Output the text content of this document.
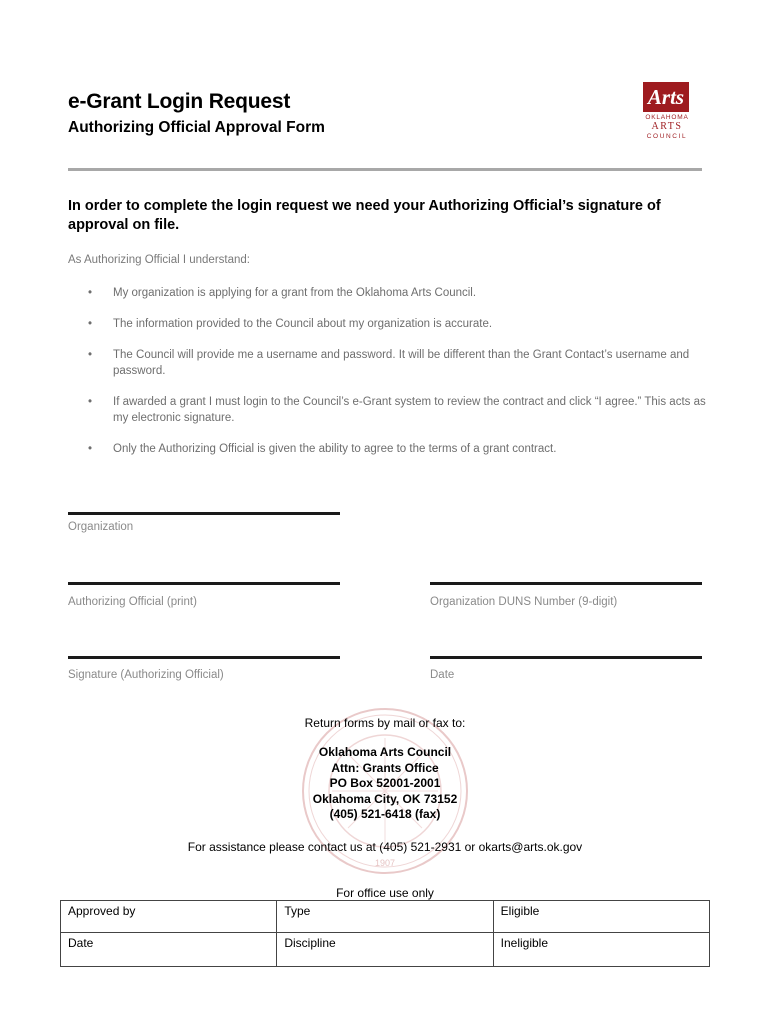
e-Grant Login Request
Authorizing Official Approval Form
Arts
OKLAHOMA
ARTS
COUNCIL
In order to complete the login request we need your Authorizing Official’s signature of approval on file.
As Authorizing Official I understand:
• My organization is applying for a grant from the Oklahoma Arts Council.
• The information provided to the Council about my organization is accurate.
• The Council will provide me a username and password. It will be different than the Grant Contact’s username and password.
• If awarded a grant I must login to the Council’s e-Grant system to review the contract and click “I agree.” This acts as my electronic signature.
• Only the Authorizing Official is given the ability to agree to the terms of a grant contract.
Organization
Authorizing Official (print)	Organization DUNS Number (9-digit)
Signature (Authorizing Official)	Date
1907
Return forms by mail or fax to:
Oklahoma Arts Council
Attn: Grants Office
PO Box 52001-2001
Oklahoma City, OK 73152
(405) 521-6418 (fax)
For assistance please contact us at (405) 521-2931 or okarts@arts.ok.gov
For office use only
Approved by	Type	Eligible
Date	Discipline	Ineligible
